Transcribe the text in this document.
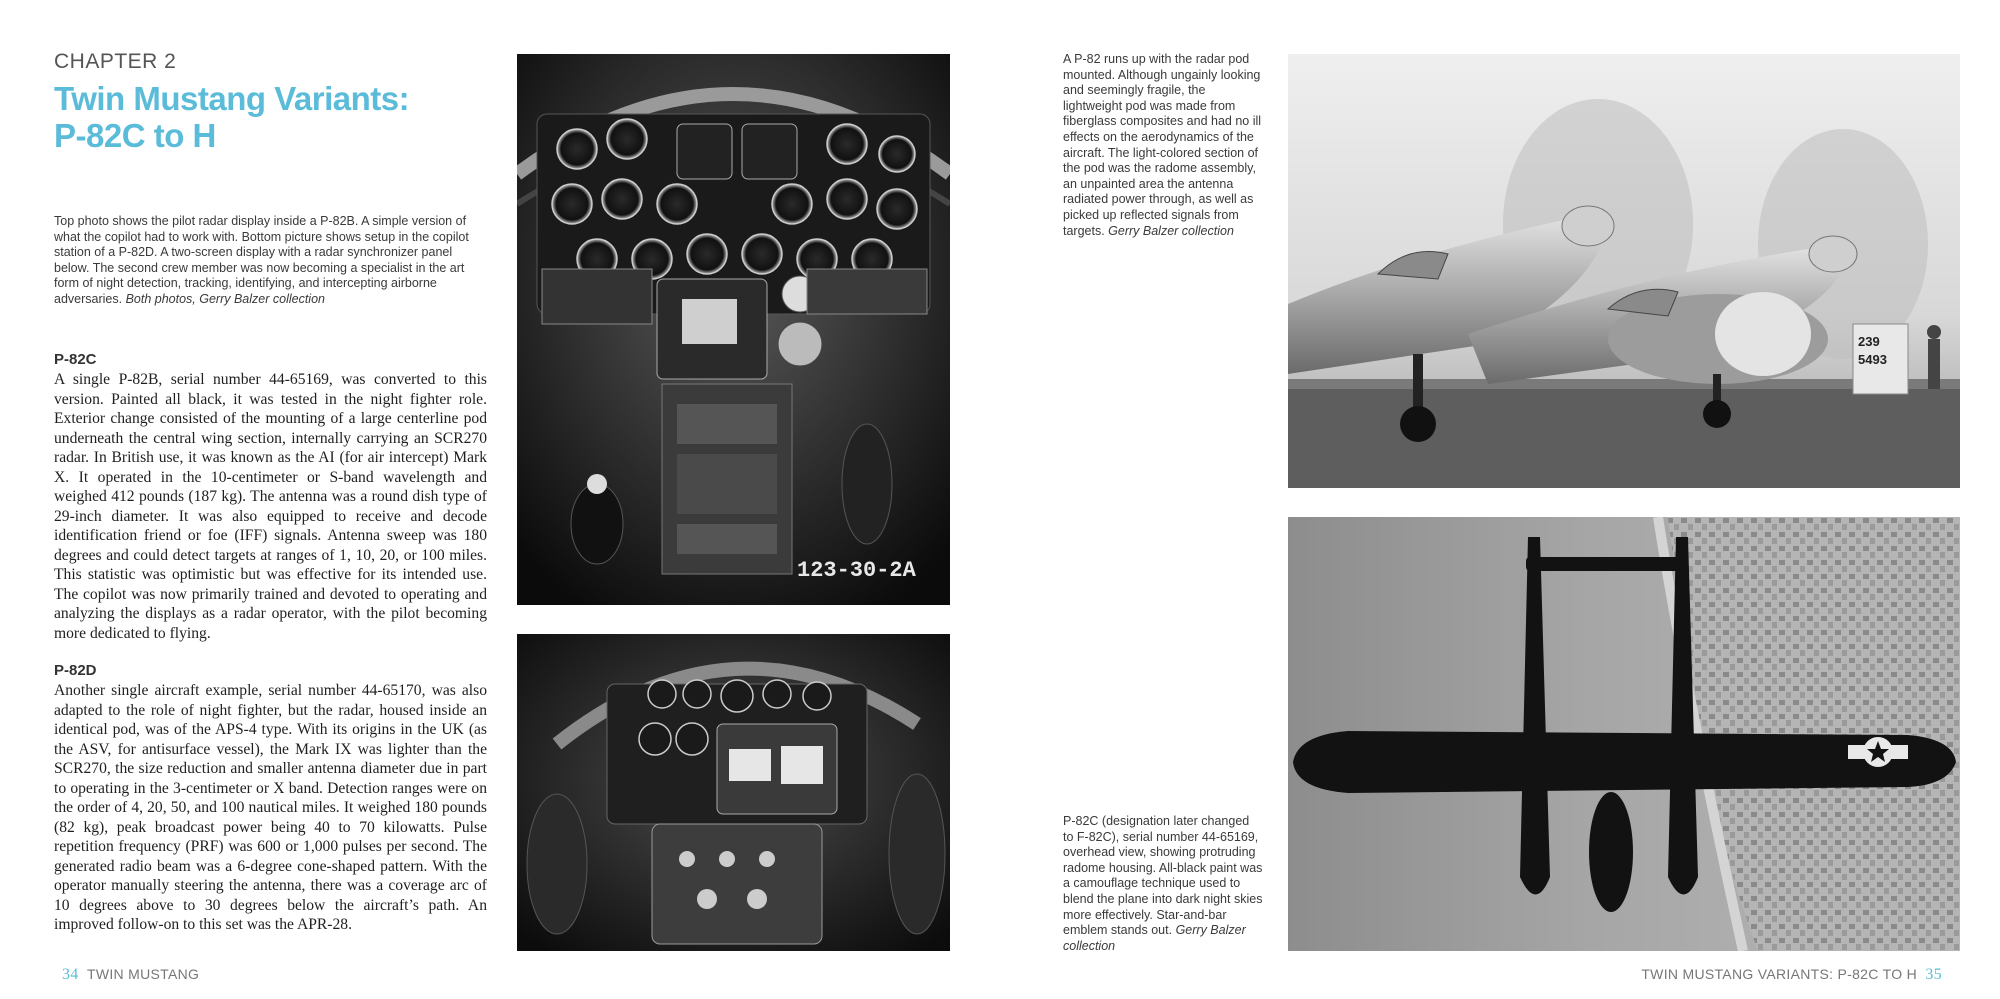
CHAPTER 2
Twin Mustang Variants:
P-82C to H
Top photo shows the pilot radar display inside a P-82B. A simple version of what the copilot had to work with. Bottom picture shows setup in the copilot station of a P-82D. A two-screen display with a radar synchronizer panel below. The second crew member was now becoming a specialist in the art form of night detection, tracking, identifying, and intercepting airborne adversaries. Both photos, Gerry Balzer collection
P-82C
A single P-82B, serial number 44-65169, was converted to this version. Painted all black, it was tested in the night fighter role. Exterior change consisted of the mounting of a large centerline pod underneath the central wing section, internally carrying an SCR270 radar. In British use, it was known as the AI (for air intercept) Mark X. It operated in the 10-centimeter or S-band wavelength and weighed 412 pounds (187 kg). The antenna was a round dish type of 29-inch diameter. It was also equipped to receive and decode identification friend or foe (IFF) signals. Antenna sweep was 180 degrees and could detect targets at ranges of 1, 10, 20, or 100 miles. This statistic was optimistic but was effective for its intended use. The copilot was now primarily trained and devoted to operating and analyzing the displays as a radar operator, with the pilot becoming more dedicated to flying.
P-82D
Another single aircraft example, serial number 44-65170, was also adapted to the role of night fighter, but the radar, housed inside an identical pod, was of the APS-4 type. With its origins in the UK (as the ASV, for antisurface vessel), the Mark IX was lighter than the SCR270, the size reduction and smaller antenna diameter due in part to operating in the 3-centimeter or X band. Detection ranges were on the order of 4, 20, 50, and 100 nautical miles. It weighed 180 pounds (82 kg), peak broadcast power being 40 to 70 kilowatts. Pulse repetition frequency (PRF) was 600 or 1,000 pulses per second. The generated radio beam was a 6-degree cone-shaped pattern. With the operator manually steering the antenna, there was a coverage arc of 10 degrees above to 30 degrees below the aircraft’s path. An improved follow-on to this set was the APR-28.
123-30-2A
A P-82 runs up with the radar pod mounted. Although ungainly looking and seemingly fragile, the lightweight pod was made from fiberglass composites and had no ill effects on the aerodynamics of the aircraft. The light-colored section of the pod was the radome assembly, an unpainted area the antenna radiated power through, as well as picked up reflected signals from targets. Gerry Balzer collection
239
5493
P-82C (designation later changed to F-82C), serial number 44-65169, overhead view, showing protruding radome housing. All-black paint was a camouflage technique used to blend the plane into dark night skies more effectively. Star-and-bar emblem stands out. Gerry Balzer collection
34 TWIN MUSTANG	TWIN MUSTANG VARIANTS: P-82C TO H 35
